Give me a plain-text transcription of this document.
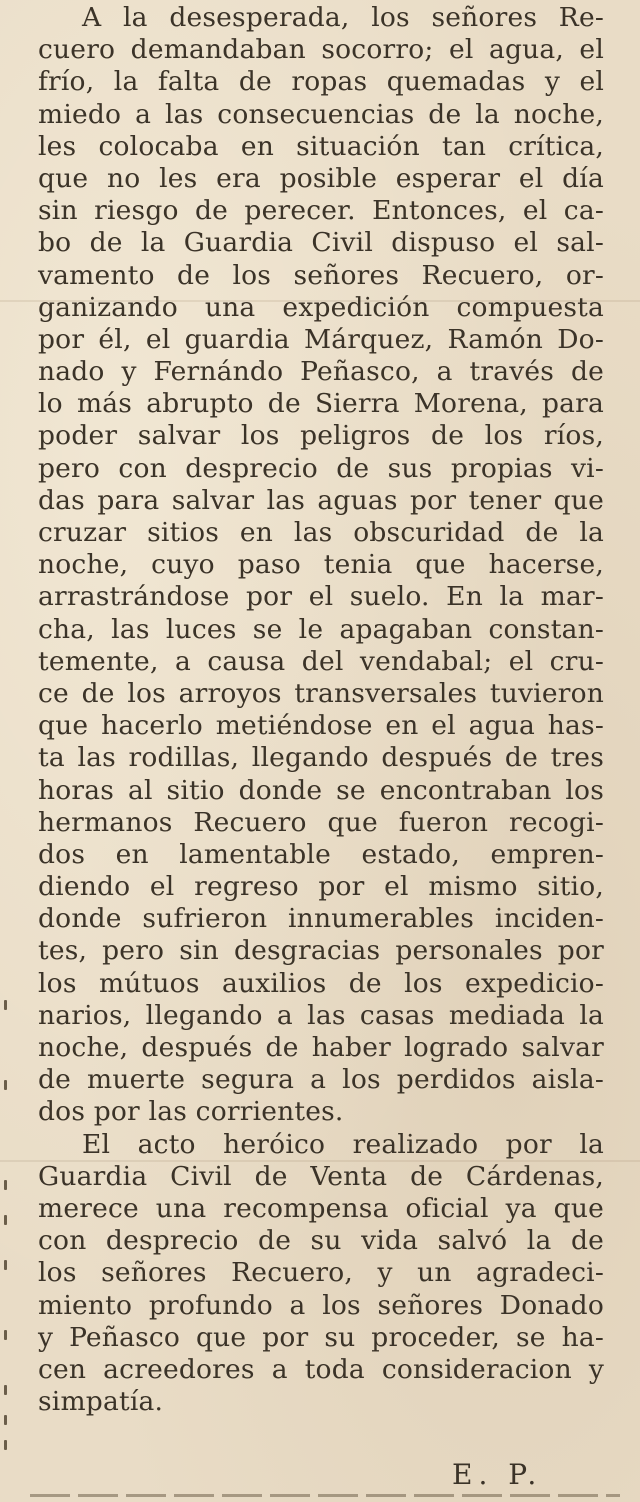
A la desesperada, los señores Re-
cuero demandaban socorro; el agua, el
frío, la falta de ropas quemadas y el
miedo a las consecuencias de la noche,
les colocaba en situación tan crítica,
que no les era posible esperar el día
sin riesgo de perecer. Entonces, el ca-
bo de la Guardia Civil dispuso el sal-
vamento de los señores Recuero, or-
ganizando una expedición compuesta
por él, el guardia Márquez, Ramón Do-
nado y Fernándo Peñasco, a través de
lo más abrupto de Sierra Morena, para
poder salvar los peligros de los ríos,
pero con desprecio de sus propias vi-
das para salvar las aguas por tener que
cruzar sitios en las obscuridad de la
noche, cuyo paso tenia que hacerse,
arrastrándose por el suelo. En la mar-
cha, las luces se le apagaban constan-
temente, a causa del vendabal; el cru-
ce de los arroyos transversales tuvieron
que hacerlo metiéndose en el agua has-
ta las rodillas, llegando después de tres
horas al sitio donde se encontraban los
hermanos Recuero que fueron recogi-
dos en lamentable estado, empren-
diendo el regreso por el mismo sitio,
donde sufrieron innumerables inciden-
tes, pero sin desgracias personales por
los mútuos auxilios de los expedicio-
narios, llegando a las casas mediada la
noche, después de haber logrado salvar
de muerte segura a los perdidos aisla-
dos por las corrientes.
El acto heróico realizado por la
Guardia Civil de Venta de Cárdenas,
merece una recompensa oficial ya que
con desprecio de su vida salvó la de
los señores Recuero, y un agradeci-
miento profundo a los señores Donado
y Peñasco que por su proceder, se ha-
cen acreedores a toda consideracion y
simpatía.
E. P.
